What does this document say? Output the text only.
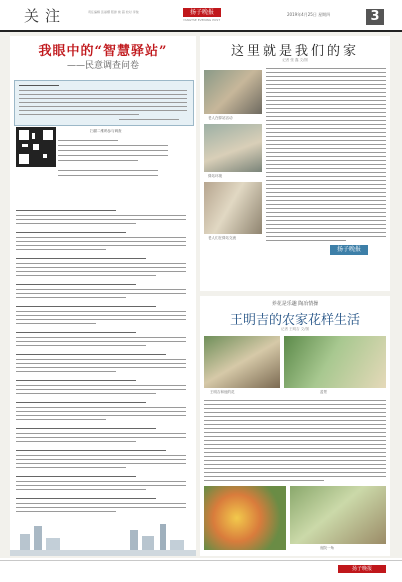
关注	责任编辑 张丽娜 照排 姚 超 校对 李俊	扬子晚报
YANGTSE EVENING POST
2019年4月25日 星期四	3
我眼中的“智慧驿站”
——民意调查问卷
扫描二维码参与调查
这里就是我们的家
记者 张 鑫 文/图
老人在驿站活动
驿站环境
老人们在驿站交流
扬子晚报
养花是乐趣 陶冶情操
王明吉的农家花样生活
记者 王明吉 文/图
王明吉和他的花	盆景
庭院一角
扬子晚报
